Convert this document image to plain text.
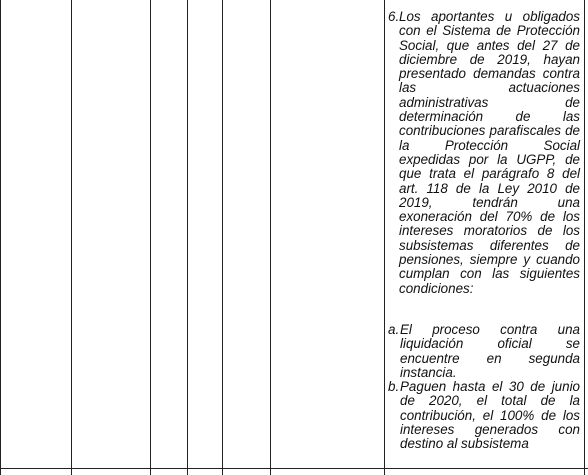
6. Los aportantes u obligados con el Sistema de Protección Social, que antes del 27 de diciembre de 2019, hayan presentado demandas contra las actuaciones administrativas de determinación de las contribuciones parafiscales de la Protección Social expedidas por la UGPP, de que trata el parágrafo 8 del art. 118 de la Ley 2010 de 2019, tendrán una exoneración del 70% de los intereses moratorios de los subsistemas diferentes de pensiones, siempre y cuando cumplan con las siguientes condiciones:
a. El proceso contra una liquidación oficial se encuentre en segunda instancia.
b. Paguen hasta el 30 de junio de 2020, el total de la contribución, el 100% de los intereses generados con destino al subsistema
